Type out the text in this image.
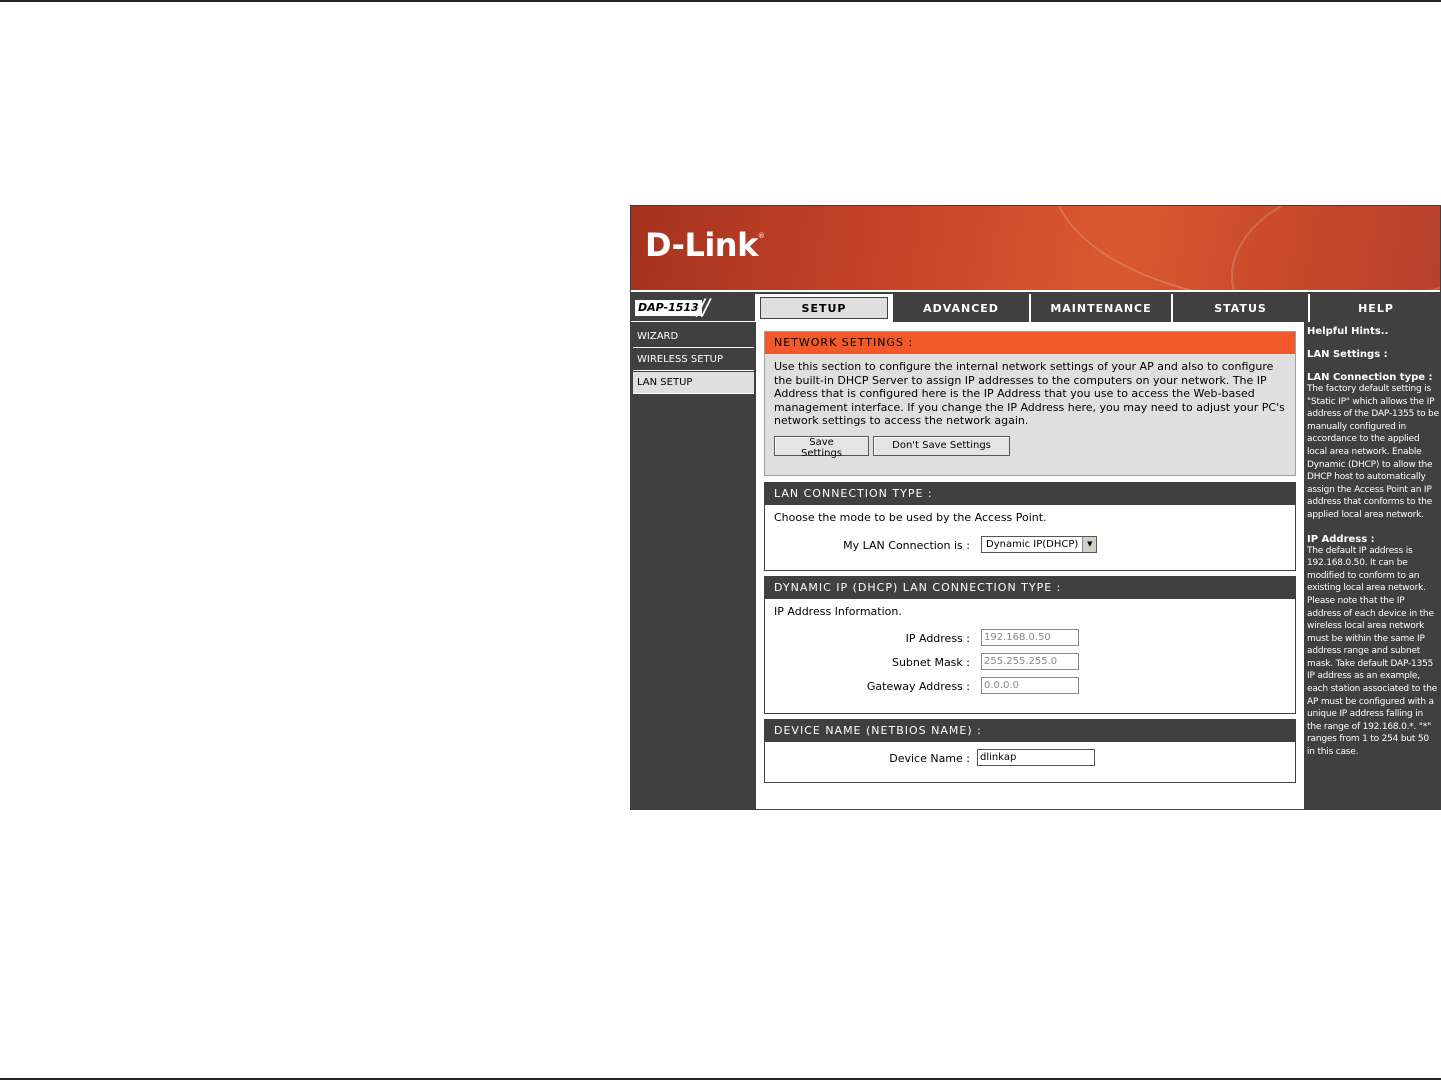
D-Link®
DAP-1513
//	SETUP	ADVANCED	MAINTENANCE	STATUS	HELP
WIZARD
WIRELESS SETUP
LAN SETUP
NETWORK SETTINGS :

Use this section to configure the internal network settings of your AP and also to configure the built-in DHCP Server to assign IP addresses to the computers on your network. The IP Address that is configured here is the IP Address that you use to access the Web-based management interface. If you change the IP Address here, you may need to adjust your PC's network settings to access the network again.

Save Settings
Don't Save Settings
LAN CONNECTION TYPE :
Choose the mode to be used by the Access Point.
My LAN Connection is :	Dynamic IP(DHCP)	▼
DYNAMIC IP (DHCP) LAN CONNECTION TYPE :
IP Address Information.
IP Address :	192.168.0.50
Subnet Mask :	255.255.255.0
Gateway Address :	0.0.0.0
DEVICE NAME (NETBIOS NAME) :
Device Name :	dlinkap
Helpful Hints..
LAN Settings :
LAN Connection type :
The factory default setting is "Static IP" which allows the IP address of the DAP-1355 to be manually configured in accordance to the applied local area network. Enable Dynamic (DHCP) to allow the DHCP host to automatically assign the Access Point an IP address that conforms to the applied local area network.
IP Address :
The default IP address is 192.168.0.50. It can be modified to conform to an existing local area network. Please note that the IP address of each device in the wireless local area network must be within the same IP address range and subnet mask. Take default DAP-1355 IP address as an example, each station associated to the AP must be configured with a unique IP address falling in the range of 192.168.0.*. "*" ranges from 1 to 254 but 50 in this case.
